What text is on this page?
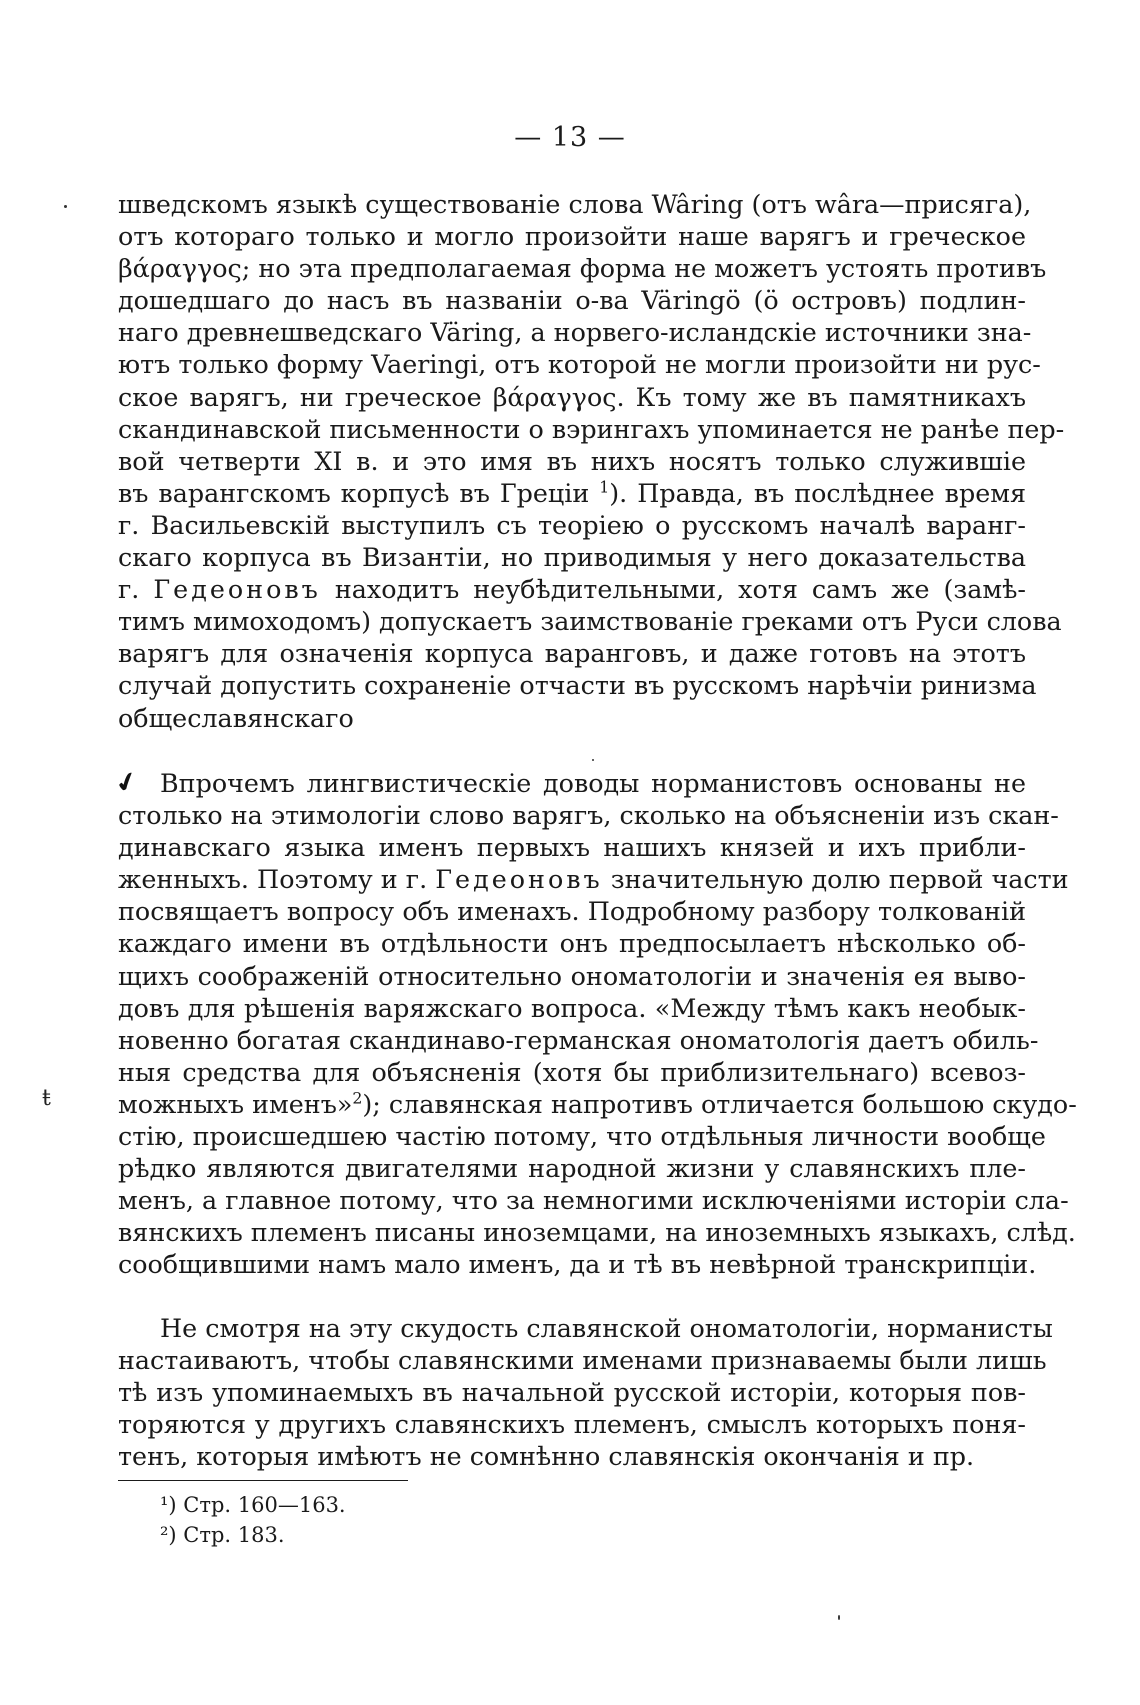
— 13 —
шведскомъ языкѣ существованіе слова Wâring (отъ wâra—присяга),
отъ котораго только и могло произойти наше варягъ и греческое
βάραγγος; но эта предполагаемая форма не можетъ устоять противъ
дошедшаго до насъ въ названіи о-ва Väringö (ö островъ) подлин-
наго древнешведскаго Väring, а норвего-исландскіе источники зна-
ютъ только форму Vaeringi, отъ которой не могли произойти ни рус-
ское варягъ, ни греческое βάραγγος. Къ тому же въ памятникахъ
скандинавской письменности о вэрингахъ упоминается не ранѣе пер-
вой четверти XI в. и это имя въ нихъ носятъ только служившіе
въ варангскомъ корпусѣ въ Греціи $^1$). Правда, въ послѣднее время
г. Васильевскій выступилъ съ теоріею о русскомъ началѣ варанг-
скаго корпуса въ Византіи, но приводимыя у него доказательства
г. Гедеоновъ находитъ неубѣдительными, хотя самъ же (замѣ-
тимъ мимоходомъ) допускаетъ заимствованіе греками отъ Руси слова
варягъ для означенія корпуса варанговъ, и даже готовъ на этотъ
случай допустить сохраненіе отчасти въ русскомъ нарѣчіи ринизма
общеславянскаго
✔ Впрочемъ лингвистическіе доводы норманистовъ основаны не
столько на этимологіи слово варягъ, сколько на объясненіи изъ скан-
динавскаго языка именъ первыхъ нашихъ князей и ихъ прибли-
женныхъ. Поэтому и г. Гедеоновъ значительную долю первой части
посвящаетъ вопросу объ именахъ. Подробному разбору толкованій
каждаго имени въ отдѣльности онъ предпосылаетъ нѣсколько об-
щихъ соображеній относительно ономатологіи и значенія ея выво-
довъ для рѣшенія варяжскаго вопроса. «Между тѣмъ какъ необык-
новенно богатая скандинаво-германская ономатологія даетъ обиль-
ныя средства для объясненія (хотя бы приблизительнаго) всевоз-
можныхъ именъ»$^2$); славянская напротивъ отличается большою скудо-
стію, происшедшею частію потому, что отдѣльныя личности вообще
рѣдко являются двигателями народной жизни у славянскихъ пле-
менъ, а главное потому, что за немногими исключеніями исторіи сла-
вянскихъ племенъ писаны иноземцами, на иноземныхъ языкахъ, слѣд.
сообщившими намъ мало именъ, да и тѣ въ невѣрной транскрипціи.
Не смотря на эту скудость славянской ономатологіи, норманисты
настаиваютъ, чтобы славянскими именами признаваемы были лишь
тѣ изъ упоминаемыхъ въ начальной русской исторіи, которыя пов-
торяются у другихъ славянскихъ племенъ, смыслъ которыхъ поня-
тенъ, которыя имѣютъ не сомнѣнно славянскія окончанія и пр.
¹) Стр. 160—163.
²) Стр. 183.
ŧ
